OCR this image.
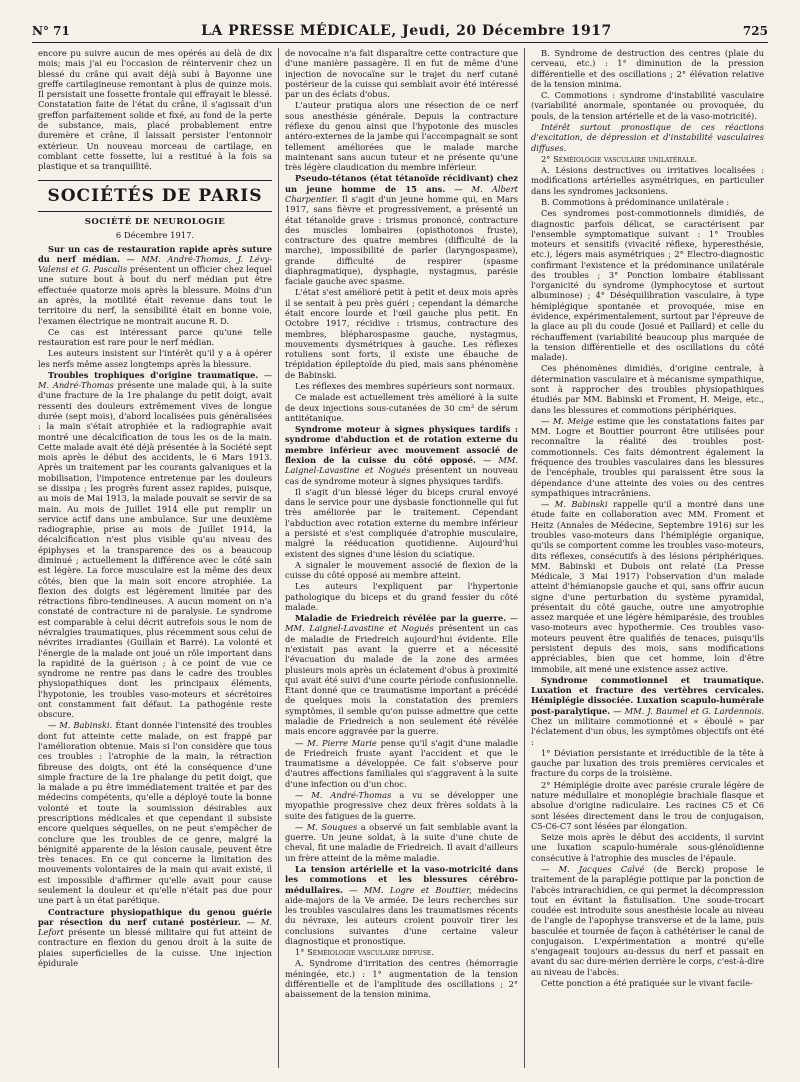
N° 71	LA PRESSE MÉDICALE, Jeudi, 20 Décembre 1917	725

encore pu suivre aucun de mes opérés au delà de dix mois; mais j'ai eu l'occasion de réintervenir chez un blessé du crâne qui avait déjà subi à Bayonne une greffe cartilagineuse remontant à plus de quinze mois. Il persistait une fossette frontale qui effrayait le blessé. Constatation faite de l'état du crâne, il s'agissait d'un greffon parfaitement solide et fixé, au fond de la perte de substance, mais, placé probablement entre duremère et crâne, il laissait persister l'entonnoir extérieur. Un nouveau morceau de cartilage, en comblant cette fossette, lui a restitué à la fois sa plastique et sa tranquillité.

SOCIÉTÉS DE PARIS
SOCIÉTÉ DE NEUROLOGIE
6 Décembre 1917.

Sur un cas de restauration rapide après suture du nerf médian. — MM. André-Thomas, J. Lévy-Valensi et G. Pascalis présentent un officier chez lequel une suture bout à bout du nerf médian put être effectuée quatorze mois après la blessure. Moins d'un an après, la motilité était revenue dans tout le territoire du nerf, la sensibilité était en bonne voie, l'examen électrique ne montrait aucune R. D.

Ce cas est intéressant parce qu'une telle restauration est rare pour le nerf médian.

Les auteurs insistent sur l'intérêt qu'il y a à opérer les nerfs même assez longtemps après la blessure.

Troubles trophiques d'origine traumatique. — M. André-Thomas présente une malade qui, à la suite d'une fracture de la 1re phalange du petit doigt, avait ressenti des douleurs extrêmement vives de longue durée (sept mois), d'abord localisées puis généralisées : la main s'était atrophiée et la radiographie avait montré une décalcification de tous les os de la main. Cette malade avait été déjà présentée à la Société sept mois après le début des accidents, le 6 Mars 1913. Après un traitement par les courants galvaniques et la mobilisation, l'impotence entretenue par les douleurs se dissipa ; les progrès furent assez rapides, puisque, au mois de Mai 1913, la malade pouvait se servir de sa main. Au mois de Juillet 1914 elle put remplir un service actif dans une ambulance. Sur une deuxième radiographie, prise au mois de Juillet 1914, la décalcification n'est plus visible qu'au niveau des épiphyses et la transparence des os a beaucoup diminué ; actuellement la différence avec le côté sain est légère. La force musculaire est la même des deux côtés, bien que la main soit encore atrophiée. La flexion des doigts est légèrement limitée par des rétractions fibro-tendineuses. A aucun moment on n'a constaté de contracture ni de paralysie. Le syndrome est comparable à celui décrit autrefois sous le nom de névralgies traumatiques, plus récemment sous celui de névrites irradiantes (Guillain et Barré). La volonté et l'énergie de la malade ont joué un rôle important dans la rapidité de la guérison ; à ce point de vue ce syndrome ne rentre pas dans le cadre des troubles physiopathiques dont les principaux éléments, l'hypotonie, les troubles vaso-moteurs et sécrétoires ont constamment fait défaut. La pathogénie reste obscure.

— M. Babinski. Étant donnée l'intensité des troubles dont fut atteinte cette malade, on est frappé par l'amélioration obtenue. Mais si l'on considère que tous ces troubles : l'atrophie de la main, la rétraction fibreuse des doigts, ont été la conséquence d'une simple fracture de la 1re phalange du petit doigt, que la malade a pu être immédiatement traitée et par des médecins compétents, qu'elle a déployé toute la bonne volonté et toute la soumission désirables aux prescriptions médicales et que cependant il subsiste encore quelques séquelles, on ne peut s'empêcher de conclure que les troubles de ce genre, malgré la bénignité apparente de la lésion causale, peuvent être très tenaces. En ce qui concerne la limitation des mouvements volontaires de la main qui avait existé, il est impossible d'affirmer qu'elle avait pour cause seulement la douleur et qu'elle n'était pas due pour une part à un état parétique.

Contracture physiopathique du genou guérie par résection du nerf cutané postérieur. — M. Lefort présente un blessé militaire qui fut atteint de contracture en flexion du genou droit à la suite de plaies superficielles de la cuisse. Une injection épidurale

de novocaïne n'a fait disparaître cette contracture que d'une manière passagère. Il en fut de même d'une injection de novocaïne sur le trajet du nerf cutané postérieur de la cuisse qui semblait avoir été intéressé par un des éclats d'obus.

L'auteur pratiqua alors une résection de ce nerf sous anesthésie générale. Depuis la contracture réflexe du genou ainsi que l'hypotonie des muscles antéro-externes de la jambe qui l'accompagnait se sont tellement améliorées que le malade marche maintenant sans aucun tuteur et ne présente qu'une très légère claudication du membre inférieur.

Pseudo-tétanos (état tétanoïde récidivant) chez un jeune homme de 15 ans. — M. Albert Charpentier. Il s'agit d'un jeune homme qui, en Mars 1917, sans fièvre et progressivement, a présenté un état tétanoïde grave : trismus prononcé, contracture des muscles lombaires (opisthotonos fruste), contracture des quatre membres (difficulté de la marche), impossibilité de parler (laryngospasme), grande difficulté de respirer (spasme diaphragmatique), dysphagie, nystagmus, parésie faciale gauche avec spasme.

L'état s'est amélioré petit à petit et deux mois après il se sentait à peu près guéri ; cependant la démarche était encore lourde et l'œil gauche plus petit. En Octobre 1917, récidive : trismus, contracture des membres, blépharospasme gauche, nystagmus, mouvements dysmétriques à gauche. Les réflexes rotuliens sont forts, il existe une ébauche de trépidation épileptoïde du pied, mais sans phénomène de Babinski.

Les réflexes des membres supérieurs sont normaux.

Ce malade est actuellement très amélioré à la suite de deux injections sous-cutanées de 30 cm³ de sérum antitétanique.

Syndrome moteur à signes physiques tardifs : syndrome d'abduction et de rotation externe du membre inférieur avec mouvement associé de flexion de la cuisse du côté opposé. — MM. Laignel-Lavastine et Nogués présentent un nouveau cas de syndrome moteur à signes physiques tardifs.

Il s'agit d'un blessé léger du biceps crural envoyé dans le service pour une dysbasie fonctionnelle qui fut très améliorée par le traitement. Cependant l'abduction avec rotation externe du membre inférieur a persisté et s'est compliquée d'atrophie musculaire, malgré la rééducation quotidienne. Aujourd'hui existent des signes d'une lésion du sciatique.

A signaler le mouvement associé de flexion de la cuisse du côté opposé au membre atteint.

Les auteurs l'expliquent par l'hypertonie pathologique du biceps et du grand fessier du côté malade.

Maladie de Friedreich révélée par la guerre. — MM. Laignel-Lavastine et Nogués présentent un cas de maladie de Friedreich aujourd'hui évidente. Elle n'existait pas avant la guerre et a nécessité l'évacuation du malade de la zone des armées plusieurs mois après un éclatement d'obus à proximité qui avait été suivi d'une courte période confusionnelle. Étant donné que ce traumatisme important a précédé de quelques mois la constatation des premiers symptômes, il semble qu'on puisse admettre que cette maladie de Friedreich a non seulement été révélée mais encore aggravée par la guerre.

— M. Pierre Marie pense qu'il s'agit d'une maladie de Friedreich fruste ayant l'accident et que le traumatisme a développée. Ce fait s'observe pour d'autres affections familiales qui s'aggravent à la suite d'une infection ou d'un choc.

— M. André-Thomas a vu se développer une myopathie progressive chez deux frères soldats à la suite des fatigues de la guerre.

— M. Souques a observé un fait semblable avant la guerre. Un jeune soldat, à la suite d'une chute de cheval, fit une maladie de Friedreich. Il avait d'ailleurs un frère atteint de la même maladie.

La tension artérielle et la vaso-motricité dans les commotions et les blessures cérébro-médullaires. — MM. Logre et Bouttier, médecins aide-majors de la Ve armée. De leurs recherches sur les troubles vasculaires dans les traumatismes récents du névraxe, les auteurs croient pouvoir tirer les conclusions suivantes d'une certaine valeur diagnostique et pronostique.

1° Séméiologie vasculaire diffuse.

A. Syndrome d'irritation des centres (hémorragie méningée, etc.) : 1° augmentation de la tension différentielle et de l'amplitude des oscillations ; 2° abaissement de la tension minima.

B. Syndrome de destruction des centres (plaie du cerveau, etc.) : 1° diminution de la pression différentielle et des oscillations ; 2° élévation relative de la tension minima.

C. Commotions : syndrome d'instabilité vasculaire (variabilité anormale, spontanée ou provoquée, du pouls, de la tension artérielle et de la vaso-motricité).

Intérêt surtout pronostique de ces réactions d'excitation, de dépression et d'instabilité vasculaires diffuses.

2° Séméiologie vasculaire unilatérale.

A. Lésions destructives ou irritatives localisées : modifications artérielles asymétriques, en particulier dans les syndromes jacksoniens.

B. Commotions à prédominance unilatérale :

Ces syndromes post-commotionnels dimidiés, de diagnostic parfois délicat, se caractérisent par l'ensemble symptomatique suivant : 1° Troubles moteurs et sensitifs (vivacité réflexe, hyperesthésie, etc.), légers mais asymétriques ; 2° Electro-diagnostic confirmant l'existence et la prédominance unilatérale des troubles ; 3° Ponction lombaire établissant l'organicité du syndrome (lymphocytose et surtout albuminose) ; 4° Déséquilibration vasculaire, à type hémiplégique spontanée et provoquée, mise en évidence, expérimentalement, surtout par l'épreuve de la glace au pli du coude (Josué et Paillard) et celle du réchauffement (variabilité beaucoup plus marquée de la tension différentielle et des oscillations du côté malade).

Ces phénomènes dimidiés, d'origine centrale, à détermination vasculaire et à mécanisme sympathique, sont à rapprocher des troubles physiopathiques étudiés par MM. Babinski et Froment, H. Meige, etc., dans les blessures et commotions périphériques.

— M. Meige estime que les constatations faites par MM. Logre et Bouttier pourront être utilisées pour reconnaître la réalité des troubles post-commotionnels. Ces faits démontrent également la fréquence des troubles vasculaires dans les blessures de l'encéphale, troubles qui paraissent être sous la dépendance d'une atteinte des voies ou des centres sympathiques intracrâniens.

— M. Babinski rappelle qu'il a montré dans une étude faite en collaboration avec MM. Froment et Heitz (Annales de Médecine, Septembre 1916) sur les troubles vaso-moteurs dans l'hémiplégie organique, qu'ils se comportent comme les troubles vaso-moteurs, dits réflexes, consécutifs à des lésions périphériques. MM. Babinski et Dubois ont relaté (La Presse Médicale, 3 Mai 1917) l'observation d'un malade atteint d'hémianopsie gauche et qui, sans offrir aucun signe d'une perturbation du système pyramidal, présentait du côté gauche, outre une amyotrophie assez marquée et une légère hémiparésie, des troubles vaso-moteurs avec hypothermie. Ces troubles vaso-moteurs peuvent être qualifiés de tenaces, puisqu'ils persistent depuis des mois, sans modifications appréciables, bien que cet homme, loin d'être immobile, ait mené une existence assez active.

Syndrome commotionnel et traumatique. Luxation et fracture des vertèbres cervicales. Hémiplégie dissociée. Luxation scapulo-humérale post-paralytique. — MM. J. Baumel et G. Lardennois. Chez un militaire commotionné et « éboulé » par l'éclatement d'un obus, les symptômes objectifs ont été :

1° Déviation persistante et irréductible de la tête à gauche par luxation des trois premières cervicales et fracture du corps de la troisième.

2° Hémiplégie droite avec parésie crurale légère de nature médullaire et monoplégie brachiale flasque et absolue d'origine radiculaire. Les racines C5 et C6 sont lésées directement dans le trou de conjugaison, C5-C6-C7 sont lésées par élongation.

Seize mois après le début des accidents, il survint une luxation scapulo-humérale sous-glénoïdienne consécutive à l'atrophie des muscles de l'épaule.

— M. Jacques Calvé (de Berck) propose le traitement de la paraplégie pottique par la ponction de l'abcès intrarachidien, ce qui permet la décompression tout en évitant la fistulisation. Une soude-trocart coudée est introduite sous anesthésie locale au niveau de l'angle de l'apophyse transverse et de la lame, puis basculée et tournée de façon à cathétériser le canal de conjugaison. L'expérimentation a montré qu'elle s'engageait toujours au-dessus du nerf et passait en avant du sac dure-mérien derrière le corps, c'est-à-dire au niveau de l'abcès.

Cette ponction a été pratiquée sur le vivant facile-
